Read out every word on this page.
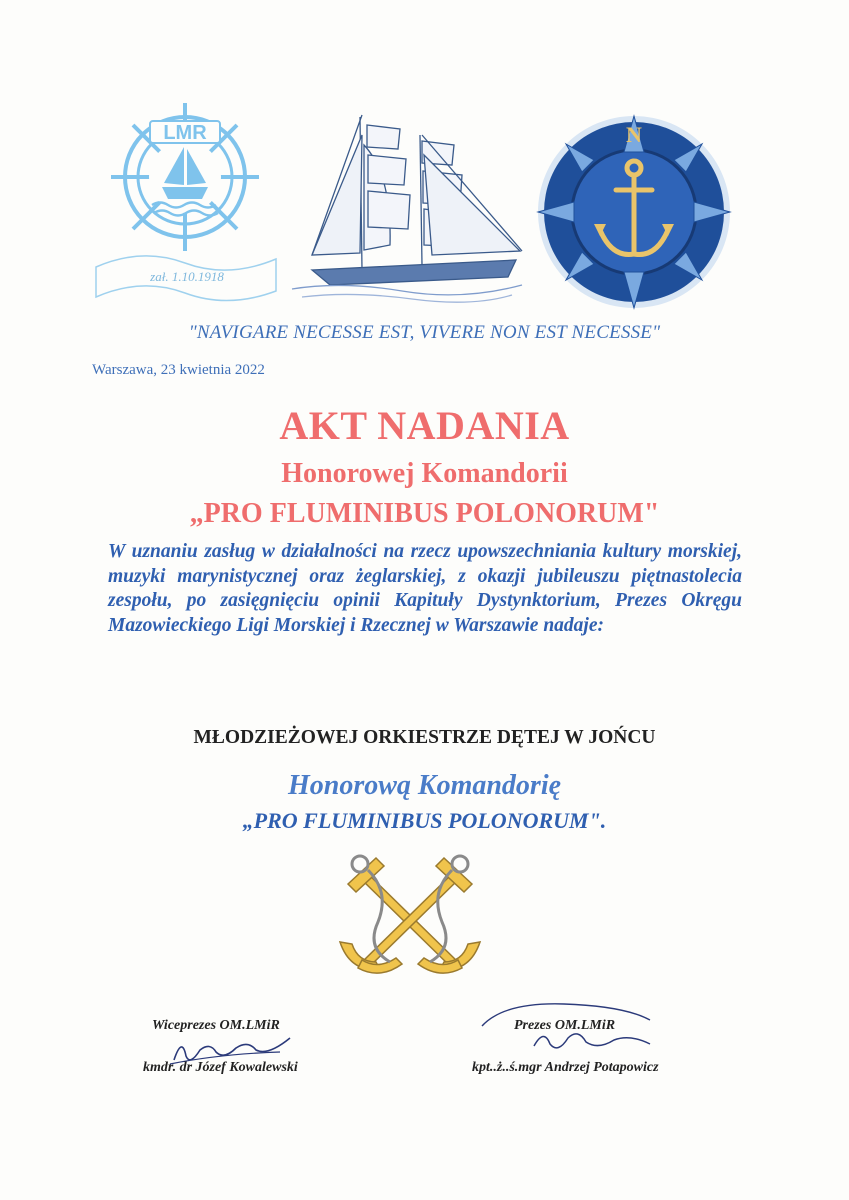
LMR
zał. 1.10.1918
N
"NAVIGARE NECESSE EST, VIVERE NON EST NECESSE"
Warszawa, 23 kwietnia 2022
AKT NADANIA
Honorowej Komandorii
„PRO FLUMINIBUS POLONORUM"
W uznaniu zasług w działalności na rzecz upowszechniania kultury morskiej, muzyki marynistycznej oraz żeglarskiej, z okazji jubileuszu piętnastolecia zespołu, po zasięgnięciu opinii Kapituły Dystynktorium, Prezes Okręgu Mazowieckiego Ligi Morskiej i Rzecznej w Warszawie nadaje:
MŁODZIEŻOWEJ ORKIESTRZE DĘTEJ W JOŃCU
Honorową Komandorię
„PRO FLUMINIBUS POLONORUM".
Wiceprezes OM.LMiR
kmdr. dr Józef Kowalewski
Prezes OM.LMiR
kpt..ż..ś.mgr Andrzej Potapowicz
